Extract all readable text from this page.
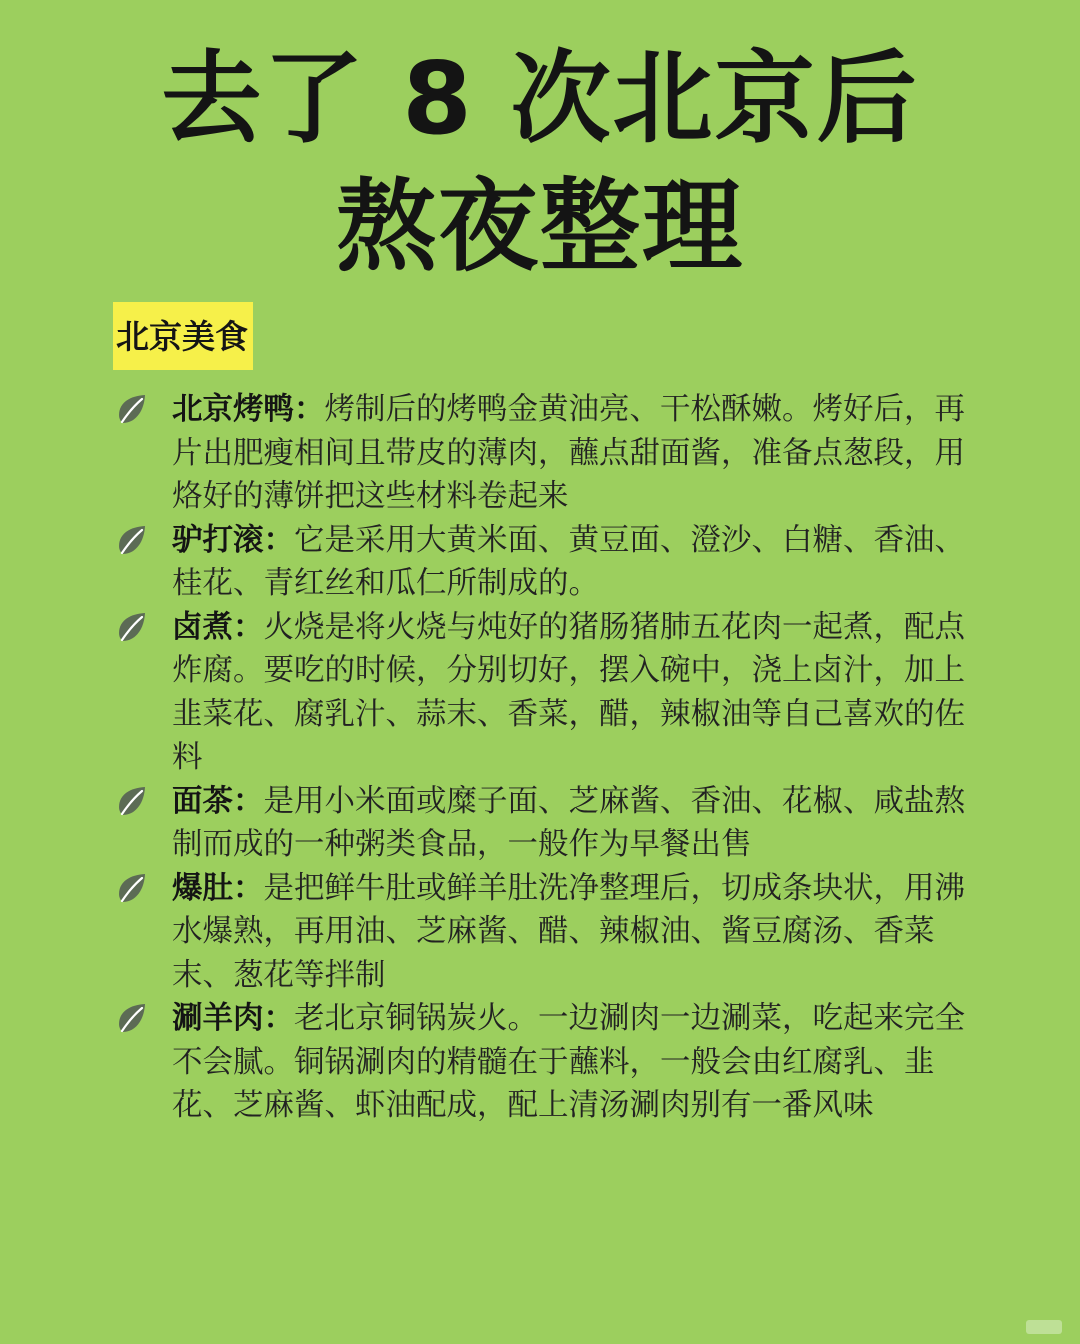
去了 8 次北京后
熬夜整理
北京美食
北京烤鸭：烤制后的烤鸭金黄油亮、干松酥嫩。烤好后，再片出肥瘦相间且带皮的薄肉，蘸点甜面酱，准备点葱段，用烙好的薄饼把这些材料卷起来
驴打滚：它是采用大黄米面、黄豆面、澄沙、白糖、香油、桂花、青红丝和瓜仁所制成的。
卤煮：火烧是将火烧与炖好的猪肠猪肺五花肉一起煮，配点炸腐。要吃的时候，分别切好，摆入碗中，浇上卤汁，加上韭菜花、腐乳汁、蒜末、香菜，醋，辣椒油等自己喜欢的佐料
面茶：是用小米面或糜子面、芝麻酱、香油、花椒、咸盐熬制而成的一种粥类食品，一般作为早餐出售
爆肚：是把鲜牛肚或鲜羊肚洗净整理后，切成条块状，用沸水爆熟，再用油、芝麻酱、醋、辣椒油、酱豆腐汤、香菜末、葱花等拌制
涮羊肉：老北京铜锅炭火。一边涮肉一边涮菜，吃起来完全不会腻。铜锅涮肉的精髓在于蘸料，一般会由红腐乳、韭花、芝麻酱、虾油配成，配上清汤涮肉别有一番风味
